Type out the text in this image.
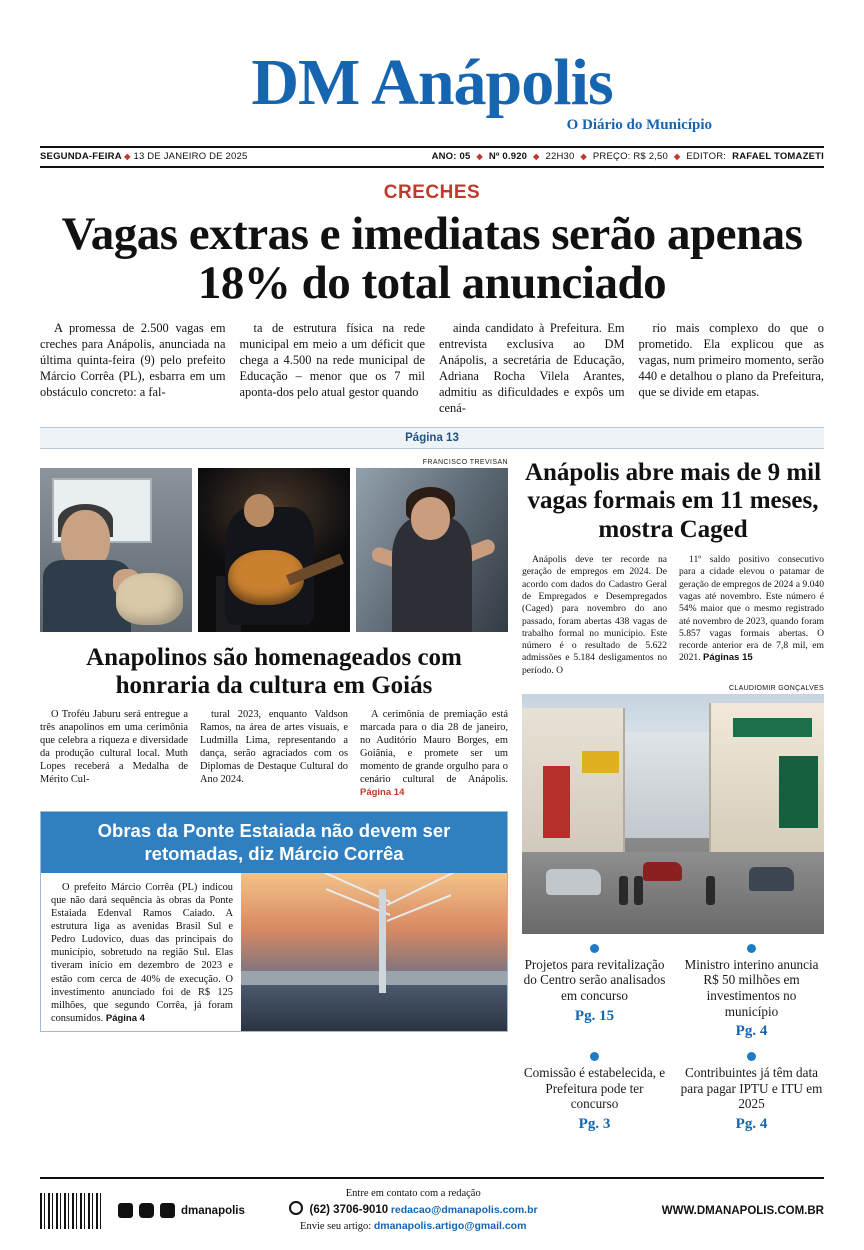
DM Anápolis
O Diário do Município
SEGUNDA-FEIRA ◆ 13 DE JANEIRO DE 2025	ANO: 05 ◆ Nº 0.920 ◆ 22H30 ◆ PREÇO: R$ 2,50 ◆ EDITOR: RAFAEL TOMAZETI
CRECHES
Vagas extras e imediatas serão apenas 18% do total anunciado

A promessa de 2.500 vagas em creches para Anápolis, anunciada na última quinta-feira (9) pelo prefeito Márcio Corrêa (PL), esbarra em um obstáculo concreto: a fal-

ta de estrutura física na rede municipal em meio a um déficit que chega a 4.500 na rede municipal de Educação – menor que os 7 mil aponta-dos pelo atual gestor quando

ainda candidato à Prefeitura. Em entrevista exclusiva ao DM Anápolis, a secretária de Educação, Adriana Rocha Vilela Arantes, admitiu as dificuldades e expôs um cená-

rio mais complexo do que o prometido. Ela explicou que as vagas, num primeiro momento, serão 440 e detalhou o plano da Prefeitura, que se divide em etapas.

Página 13
FRANCISCO TREVISAN
Anapolinos são homenageados com honraria da cultura em Goiás

O Troféu Jaburu será entregue a três anapolinos em uma cerimônia que celebra a riqueza e diversidade da produção cultural local. Muth Lopes receberá a Medalha de Mérito Cul-

tural 2023, enquanto Valdson Ramos, na área de artes visuais, e Ludmilla Lima, representando a dança, serão agraciados com os Diplomas de Destaque Cultural do Ano 2024.

A cerimônia de premiação está marcada para o dia 28 de janeiro, no Auditório Mauro Borges, em Goiânia, e promete ser um momento de grande orgulho para o cenário cultural de Anápolis. Página 14

Obras da Ponte Estaiada não devem ser retomadas, diz Márcio Corrêa

O prefeito Márcio Corrêa (PL) indicou que não dará sequência às obras da Ponte Estaiada Edenval Ramos Caiado. A estrutura liga as avenidas Brasil Sul e Pedro Ludovico, duas das principais do município, sobretudo na região Sul. Elas tiveram início em dezembro de 2023 e estão com cerca de 40% de execução. O investimento anunciado foi de R$ 125 milhões, que segundo Corrêa, já foram consumidos. Página 4

Anápolis abre mais de 9 mil vagas formais em 11 meses, mostra Caged

Anápolis deve ter recorde na geração de empregos em 2024. De acordo com dados do Cadastro Geral de Empregados e Desempregados (Caged) para novembro do ano passado, foram abertas 438 vagas de trabalho formal no município. Este número é o resultado de 5.622 admissões e 5.184 desligamentos no período. O

11º saldo positivo consecutivo para a cidade elevou o patamar de geração de empregos de 2024 a 9.040 vagas até novembro. Este número é 54% maior que o mesmo registrado até novembro de 2023, quando foram 5.857 vagas formais abertas. O recorde anterior era de 7,8 mil, em 2021. Páginas 15

CLAUDIOMIR GONÇALVES
Projetos para revitalização do Centro serão analisados em concurso
Pg. 15
Ministro interino anuncia R$ 50 milhões em investimentos no município
Pg. 4
Comissão é estabelecida, e Prefeitura pode ter concurso
Pg. 3
Contribuintes já têm data para pagar IPTU e ITU em 2025
Pg. 4
dmanapolis
Entre em contato com a redação
(62) 3706-9010 redacao@dmanapolis.com.br
Envie seu artigo: dmanapolis.artigo@gmail.com
WWW.DMANAPOLIS.COM.BR
